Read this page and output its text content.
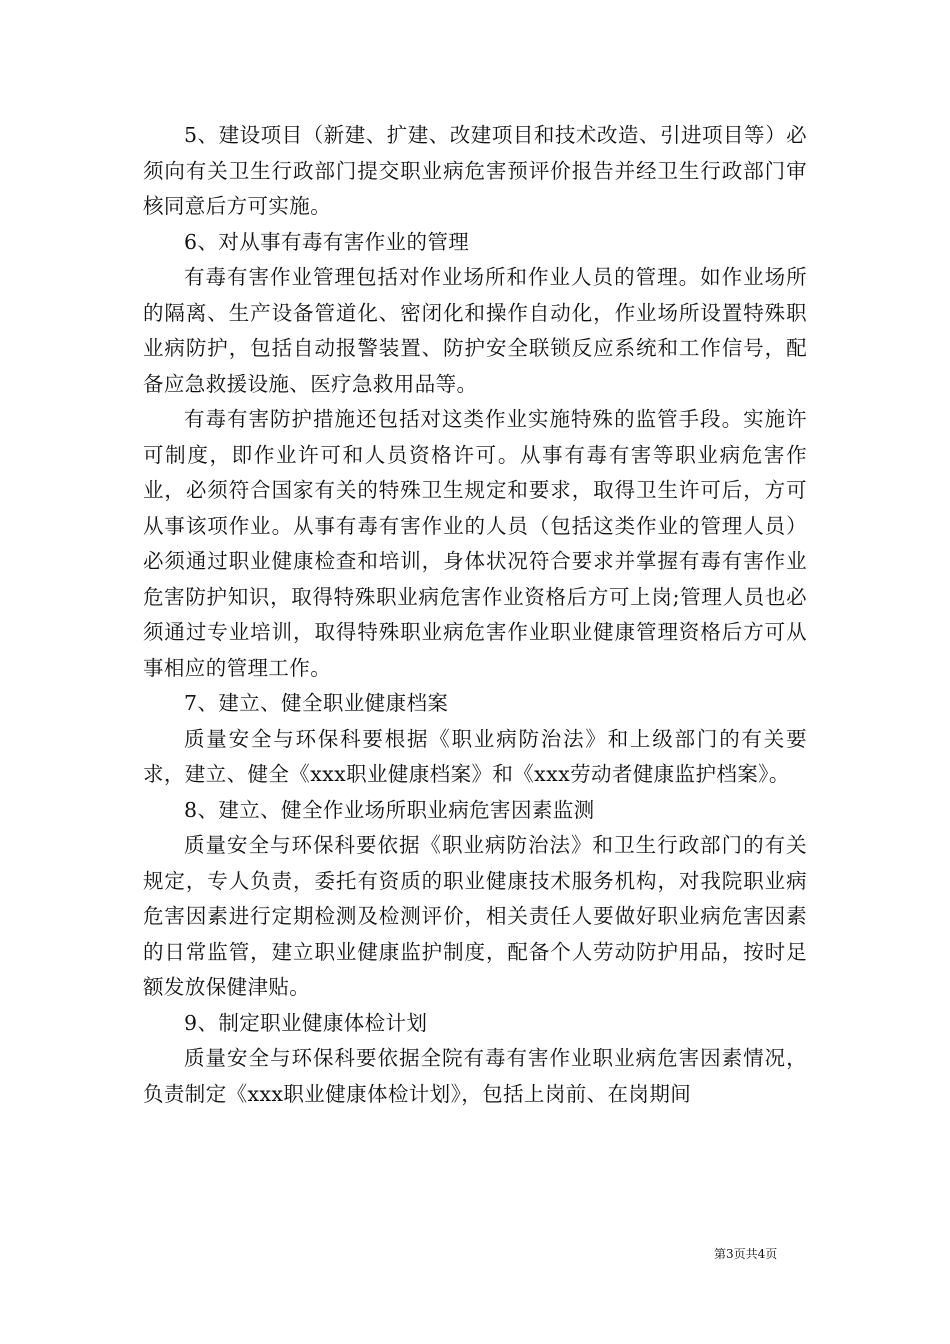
5、建设项目（新建、扩建、改建项目和技术改造、引进项目等）必须向有关卫生行政部门提交职业病危害预评价报告并经卫生行政部门审核同意后方可实施。

6、对从事有毒有害作业的管理

有毒有害作业管理包括对作业场所和作业人员的管理。如作业场所的隔离、生产设备管道化、密闭化和操作自动化，作业场所设置特殊职业病防护，包括自动报警装置、防护安全联锁反应系统和工作信号，配备应急救援设施、医疗急救用品等。

有毒有害防护措施还包括对这类作业实施特殊的监管手段。实施许可制度，即作业许可和人员资格许可。从事有毒有害等职业病危害作业，必须符合国家有关的特殊卫生规定和要求，取得卫生许可后，方可从事该项作业。从事有毒有害作业的人员（包括这类作业的管理人员）必须通过职业健康检查和培训，身体状况符合要求并掌握有毒有害作业危害防护知识，取得特殊职业病危害作业资格后方可上岗;管理人员也必须通过专业培训，取得特殊职业病危害作业职业健康管理资格后方可从事相应的管理工作。

7、建立、健全职业健康档案

质量安全与环保科要根据《职业病防治法》和上级部门的有关要求，建立、健全《xxx职业健康档案》和《xxx劳动者健康监护档案》。

8、建立、健全作业场所职业病危害因素监测

质量安全与环保科要依据《职业病防治法》和卫生行政部门的有关规定，专人负责，委托有资质的职业健康技术服务机构，对我院职业病危害因素进行定期检测及检测评价，相关责任人要做好职业病危害因素的日常监管，建立职业健康监护制度，配备个人劳动防护用品，按时足额发放保健津贴。

9、制定职业健康体检计划

质量安全与环保科要依据全院有毒有害作业职业病危害因素情况，负责制定《xxx职业健康体检计划》，包括上岗前、在岗期间

第3页共4页
